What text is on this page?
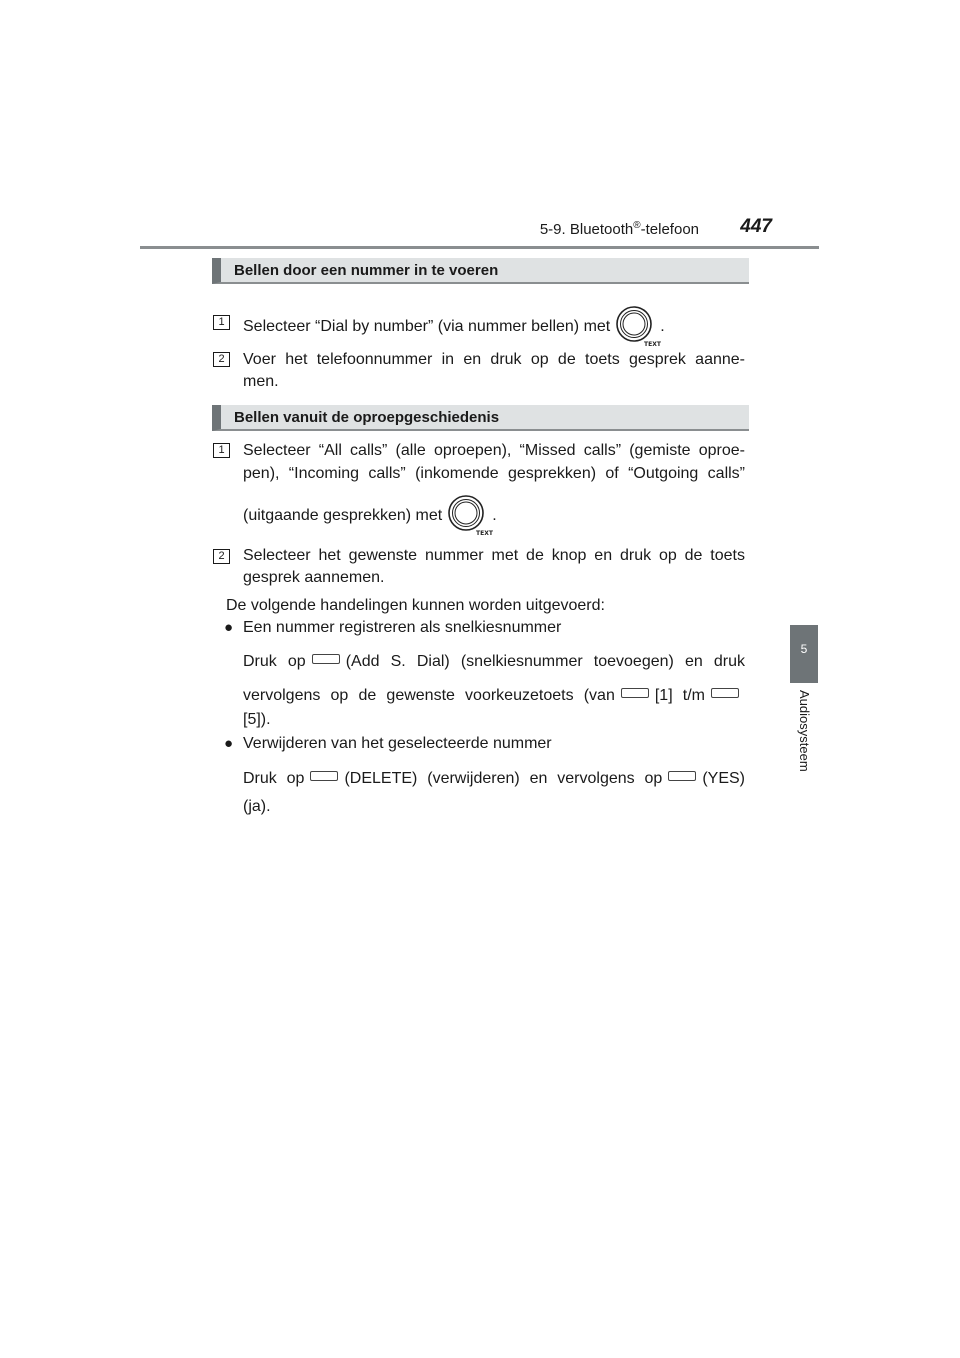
5-9. Bluetooth®-telefoon 447
5
Audiosysteem
Bellen door een nummer in te voeren
1	Selecteer “Dial by number” (via nummer bellen) met
TEXT
.
2	Voer het telefoonnummer in en druk op de toets gesprek aanne-
men.
Bellen vanuit de oproepgeschiedenis
1	Selecteer “All calls” (alle oproepen), “Missed calls” (gemiste oproe-
pen), “Incoming calls” (inkomende gesprekken) of “Outgoing calls”
(uitgaande gesprekken) met
TEXT
.
2	Selecteer het gewenste nummer met de knop en druk op de toets
gesprek aannemen.
De volgende handelingen kunnen worden uitgevoerd:
● Een nummer registreren als snelkiesnummer
Druk op	(Add S. Dial) (snelkiesnummer toevoegen) en druk
vervolgens op de gewenste voorkeuzetoets (van	[1] t/m
[5]).
● Verwijderen van het geselecteerde nummer
Druk op	(DELETE) (verwijderen) en vervolgens op	(YES)
(ja).
